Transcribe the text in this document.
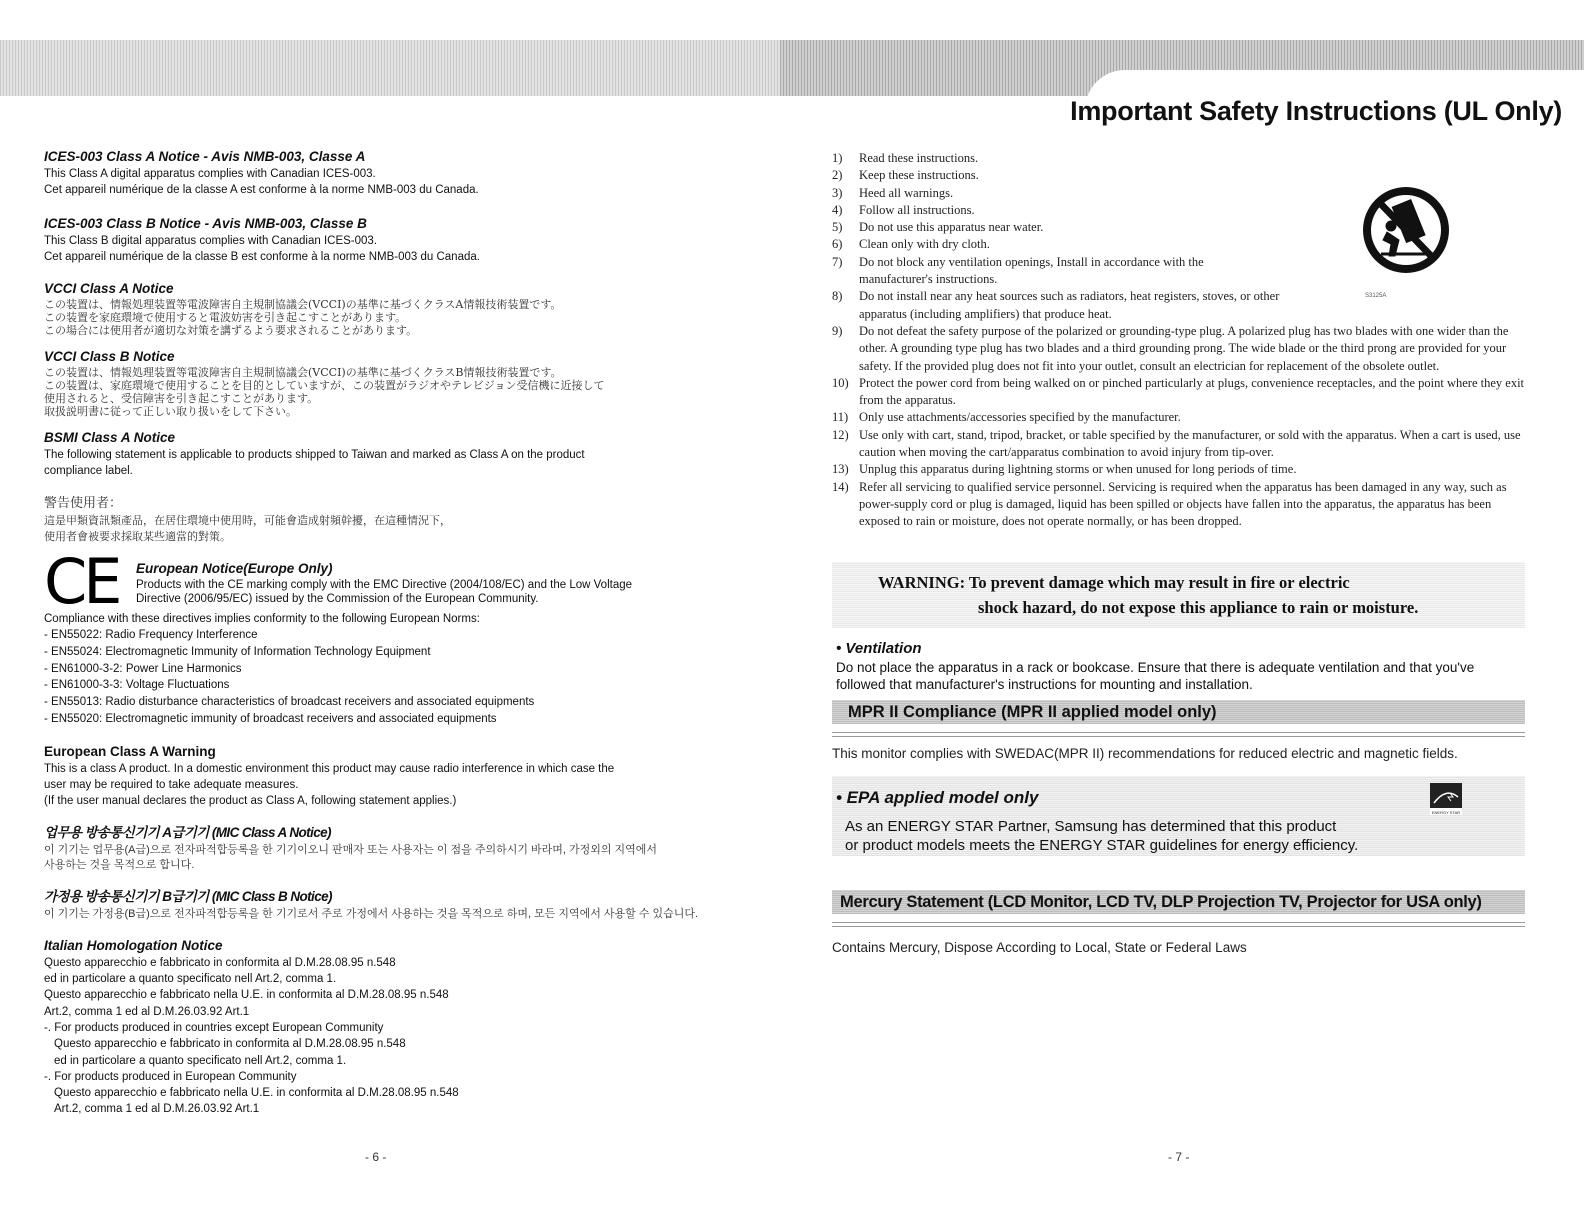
Important Safety Instructions (UL Only)

ICES-003 Class A Notice - Avis NMB-003, Classe A

This Class A digital apparatus complies with Canadian ICES-003.

Cet appareil numérique de la classe A est conforme à la norme NMB-003 du Canada.

ICES-003 Class B Notice - Avis NMB-003, Classe B

This Class B digital apparatus complies with Canadian ICES-003.

Cet appareil numérique de la classe B est conforme à la norme NMB-003 du Canada.

VCCI Class A Notice

この装置は、情報処理装置等電波障害自主規制協議会(VCCI)の基準に基づくクラスA情報技術装置です。

この装置を家庭環境で使用すると電波妨害を引き起こすことがあります。

この場合には使用者が適切な対策を講ずるよう要求されることがあります。

VCCI Class B Notice

この装置は、情報処理装置等電波障害自主規制協議会(VCCI)の基準に基づくクラスB情報技術装置です。

この装置は、家庭環境で使用することを目的としていますが、この装置がラジオやテレビジョン受信機に近接して

使用されると、受信障害を引き起こすことがあります。

取扱説明書に従って正しい取り扱いをして下さい。

BSMI Class A Notice

The following statement is applicable to products shipped to Taiwan and marked as Class A on the product

compliance label.

警告使用者：

這是甲類資訊類產品，在居住環境中使用時，可能會造成射頻幹擾，在這種情況下，

使用者會被要求採取某些適當的對策。

CE	European Notice(Europe Only)

Products with the CE marking comply with the EMC Directive (2004/108/EC) and the Low Voltage

Directive (2006/95/EC) issued by the Commission of the European Community.

Compliance with these directives implies conformity to the following European Norms:

- EN55022: Radio Frequency Interference

- EN55024: Electromagnetic Immunity of Information Technology Equipment

- EN61000-3-2: Power Line Harmonics

- EN61000-3-3: Voltage Fluctuations

- EN55013: Radio disturbance characteristics of broadcast receivers and associated equipments

- EN55020: Electromagnetic immunity of broadcast receivers and associated equipments

European Class A Warning

This is a class A product. In a domestic environment this product may cause radio interference in which case the

user may be required to take adequate measures.

(If the user manual declares the product as Class A, following statement applies.)

업무용 방송통신기기 A급기기 (MIC Class A Notice)

이 기기는 업무용(A급)으로 전자파적합등록을 한 기기이오니 판매자 또는 사용자는 이 점을 주의하시기 바라며, 가정외의 지역에서

사용하는 것을 목적으로 합니다.

가정용 방송통신기기 B급기기 (MIC Class B Notice)

이 기기는 가정용(B급)으로 전자파적합등록을 한 기기로서 주로 가정에서 사용하는 것을 목적으로 하며, 모든 지역에서 사용할 수 있습니다.

Italian Homologation Notice

Questo apparecchio e fabbricato in conformita al D.M.28.08.95 n.548

ed in particolare a quanto specificato nell Art.2, comma 1.

Questo apparecchio e fabbricato nella U.E. in conformita al D.M.28.08.95 n.548

Art.2, comma 1 ed al D.M.26.03.92 Art.1

-. For products produced in countries except European Community

Questo apparecchio e fabbricato in conformita al D.M.28.08.95 n.548

ed in particolare a quanto specificato nell Art.2, comma 1.

-. For products produced in European Community

Questo apparecchio e fabbricato nella U.E. in conformita al D.M.28.08.95 n.548

Art.2, comma 1 ed al D.M.26.03.92 Art.1

- 6 -
1)	Read these instructions.
2)	Keep these instructions.
3)	Heed all warnings.
4)	Follow all instructions.
5)	Do not use this apparatus near water.
6)	Clean only with dry cloth.
7)	Do not block any ventilation openings, Install in accordance with the manufacturer's instructions.
8)	Do not install near any heat sources such as radiators, heat registers, stoves, or other apparatus (including amplifiers) that produce heat.
9)	Do not defeat the safety purpose of the polarized or grounding-type plug. A polarized plug has two blades with one wider than the other. A grounding type plug has two blades and a third grounding prong. The wide blade or the third prong are provided for your safety. If the provided plug does not fit into your outlet, consult an electrician for replacement of the obsolete outlet.
10) Protect the power cord from being walked on or pinched particularly at plugs, convenience receptacles, and the point where they exit from the apparatus.
11) Only use attachments/accessories specified by the manufacturer.
12) Use only with cart, stand, tripod, bracket, or table specified by the manufacturer, or sold with the apparatus. When a cart is used, use caution when moving the cart/apparatus combination to avoid injury from tip-over.
13) Unplug this apparatus during lightning storms or when unused for long periods of time.
14) Refer all servicing to qualified service personnel. Servicing is required when the apparatus has been damaged in any way, such as power-supply cord or plug is damaged, liquid has been spilled or objects have fallen into the apparatus, the apparatus has been exposed to rain or moisture, does not operate normally, or has been dropped.
S3125A
WARNING: To prevent damage which may result in fire or electric
shock hazard, do not expose this appliance to rain or moisture.

• Ventilation

Do not place the apparatus in a rack or bookcase. Ensure that there is adequate ventilation and that you've

followed that manufacturer's instructions for mounting and installation.

MPR II Compliance (MPR II applied model only)
This monitor complies with SWEDAC(MPR II) recommendations for reduced electric and magnetic fields.
• EPA applied model only
As an ENERGY STAR Partner, Samsung has determined that this product
or product models meets the ENERGY STAR guidelines for energy efficiency.
ENERGY STAR
Mercury Statement (LCD Monitor, LCD TV, DLP Projection TV, Projector for USA only)
Contains Mercury, Dispose According to Local, State or Federal Laws
- 7 -
